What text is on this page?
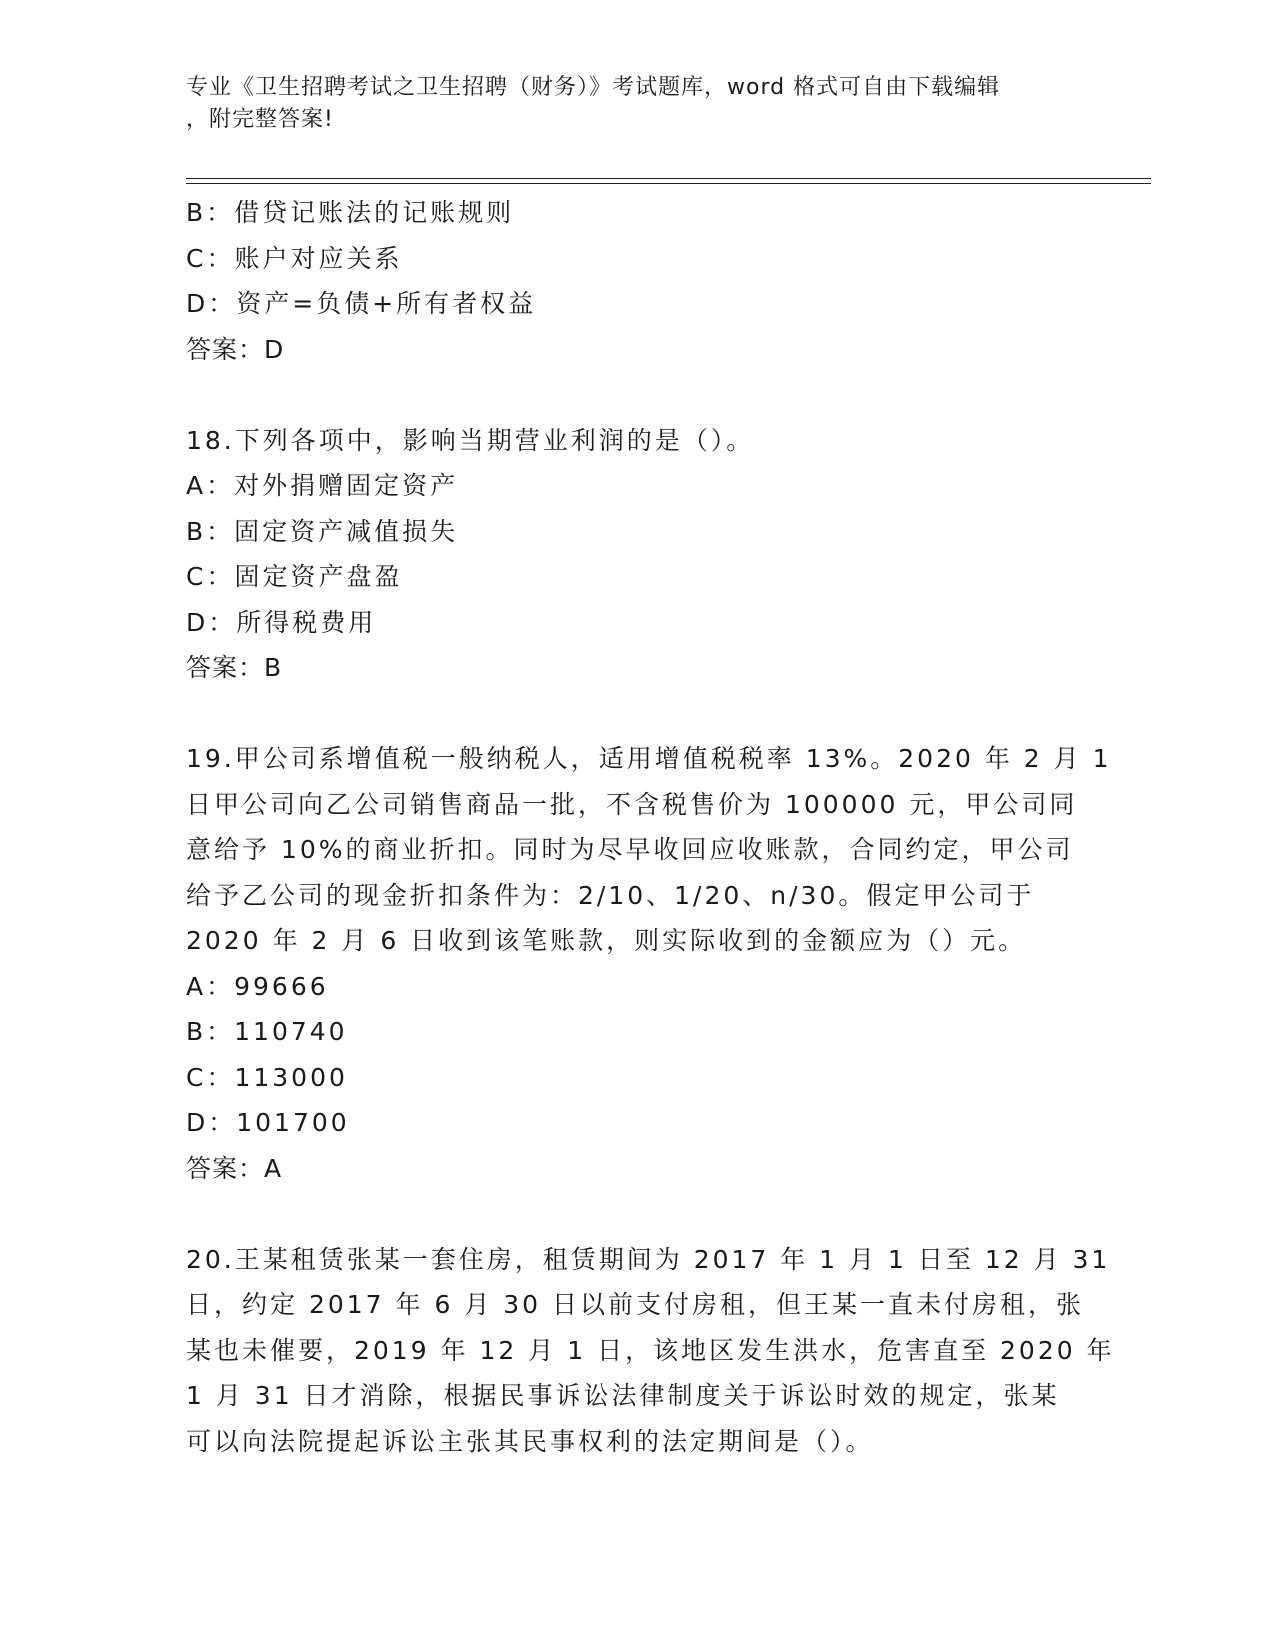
专业《卫生招聘考试之卫生招聘（财务）》考试题库，word 格式可自由下载编辑
，附完整答案!
B：借贷记账法的记账规则
C：账户对应关系
D：资产=负债+所有者权益
答案：D
18.下列各项中，影响当期营业利润的是（）。
A：对外捐赠固定资产
B：固定资产减值损失
C：固定资产盘盈
D：所得税费用
答案：B
19.甲公司系增值税一般纳税人，适用增值税税率 13%。2020 年 2 月 1
日甲公司向乙公司销售商品一批，不含税售价为 100000 元，甲公司同
意给予 10%的商业折扣。同时为尽早收回应收账款，合同约定，甲公司
给予乙公司的现金折扣条件为：2/10、1/20、n/30。假定甲公司于
2020 年 2 月 6 日收到该笔账款，则实际收到的金额应为（）元。
A：99666
B：110740
C：113000
D：101700
答案：A
20.王某租赁张某一套住房，租赁期间为 2017 年 1 月 1 日至 12 月 31
日，约定 2017 年 6 月 30 日以前支付房租，但王某一直未付房租，张
某也未催要，2019 年 12 月 1 日，该地区发生洪水，危害直至 2020 年
1 月 31 日才消除，根据民事诉讼法律制度关于诉讼时效的规定，张某
可以向法院提起诉讼主张其民事权利的法定期间是（）。
